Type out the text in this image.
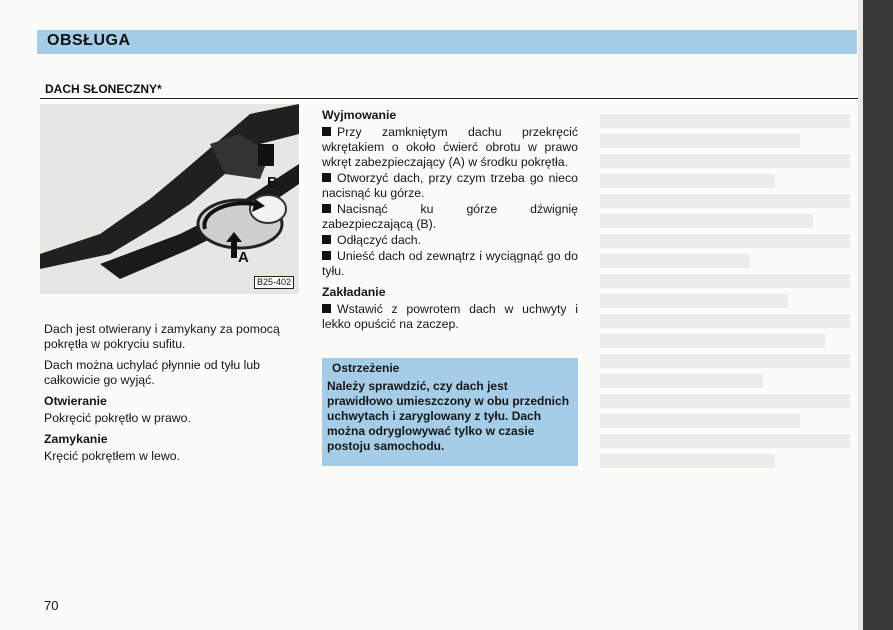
OBSŁUGA
DACH SŁONECZNY*
A
B
B25-402

Dach jest otwierany i zamykany za pomocą pokrętła w pokryciu sufitu.

Dach można uchylać płynnie od tyłu lub całkowicie go wyjąć.

Otwieranie

Pokręcić pokrętło w prawo.

Zamykanie

Kręcić pokrętłem w lewo.

Wyjmowanie
Przy zamkniętym dachu przekręcić wkrętakiem o około ćwierć obrotu w prawo wkręt zabezpieczający (A) w środku pokrętła.
Otworzyć dach, przy czym trzeba go nieco nacisnąć ku górze.
Nacisnąć ku górze dźwignię zabezpieczającą (B).
Odłączyć dach.
Unieść dach od zewnątrz i wyciągnąć go do tyłu.
Zakładanie
Wstawić z powrotem dach w uchwyty i lekko opuścić na zaczep.
Ostrzeżenie
Należy sprawdzić, czy dach jest prawidłowo umieszczony w obu przednich uchwytach i zaryglowany z tyłu. Dach można odryglowywać tylko w czasie postoju samochodu.
70
